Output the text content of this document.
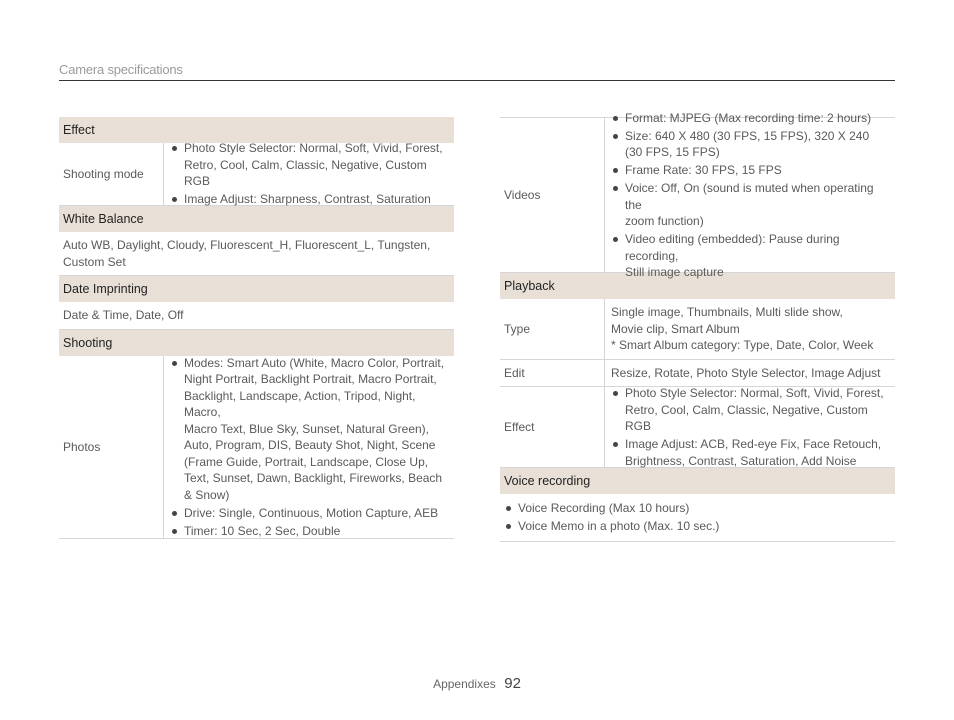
Camera specifications
Effect
Shooting mode
Photo Style Selector: Normal, Soft, Vivid, Forest,
Retro, Cool, Calm, Classic, Negative, Custom RGB
Image Adjust: Sharpness, Contrast, Saturation
White Balance
Auto WB, Daylight, Cloudy, Fluorescent_H, Fluorescent_L, Tungsten,
Custom Set
Date Imprinting
Date & Time, Date, Off
Shooting
Photos
Modes: Smart Auto (White, Macro Color, Portrait,
Night Portrait, Backlight Portrait, Macro Portrait,
Backlight, Landscape, Action, Tripod, Night, Macro,
Macro Text, Blue Sky, Sunset, Natural Green),
Auto, Program, DIS, Beauty Shot, Night, Scene
(Frame Guide, Portrait, Landscape, Close Up,
Text, Sunset, Dawn, Backlight, Fireworks, Beach
& Snow)
Drive: Single, Continuous, Motion Capture, AEB
Timer: 10 Sec, 2 Sec, Double
Videos
Format: MJPEG (Max recording time: 2 hours)
Size: 640 X 480 (30 FPS, 15 FPS), 320 X 240
(30 FPS, 15 FPS)
Frame Rate: 30 FPS, 15 FPS
Voice: Off, On (sound is muted when operating the
zoom function)
Video editing (embedded): Pause during recording,
Still image capture
Playback
Type
Single image, Thumbnails, Multi slide show,
Movie clip, Smart Album
* Smart Album category: Type, Date, Color, Week
Edit	Resize, Rotate, Photo Style Selector, Image Adjust
Effect
Photo Style Selector: Normal, Soft, Vivid, Forest,
Retro, Cool, Calm, Classic, Negative, Custom RGB
Image Adjust: ACB, Red-eye Fix, Face Retouch,
Brightness, Contrast, Saturation, Add Noise
Voice recording
Voice Recording (Max 10 hours)
Voice Memo in a photo (Max. 10 sec.)
Appendixes 92
